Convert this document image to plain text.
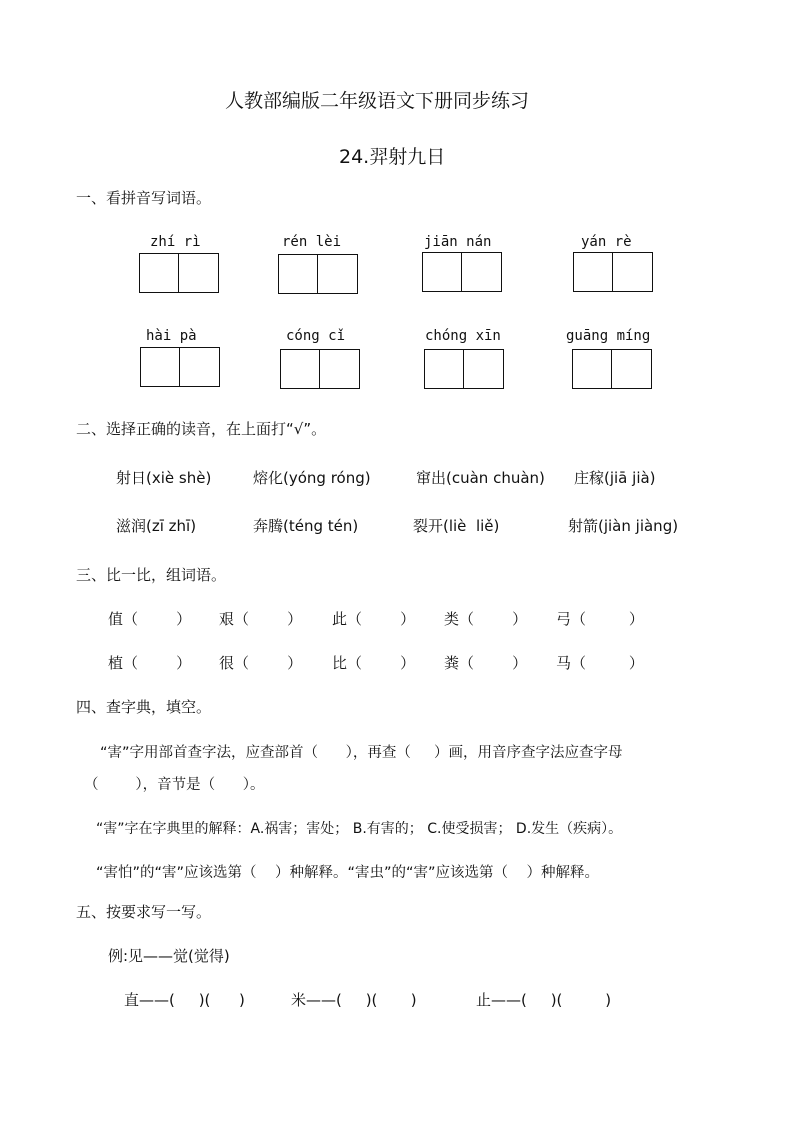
人教部编版二年级语文下册同步练习
24.羿射九日
一、看拼音写词语。
zhí rì	rén lèi	jiān nán	yán rè
hài pà	cóng cǐ	chóng xīn	guāng míng
二、选择正确的读音，在上面打“√”。
射日(xiè shè)	熔化(yóng róng)	窜出(cuàn chuàn) 庄稼(jiā jià)
滋润(zī zhī)	奔腾(téng tén)	裂开(liè  liě)	射箭(jiàn jiàng)
三、比一比，组词语。
值（        ） 艰（        ） 此（        ） 类（        ） 弓（         ）
植（        ） 很（        ） 比（        ） 粪（        ） 马（         ）
四、查字典，填空。
“害”字用部首查字法，应查部首（      ），再查（     ）画，用音序查字法应查字母
（        ），音节是（      ）。
“害”字在字典里的解释：A.祸害；害处； B.有害的； C.使受损害； D.发生（疾病）。
“害怕”的“害”应该选第（    ）种解释。“害虫”的“害”应该选第（    ）种解释。
五、按要求写一写。
例:见——觉(觉得)
直——(     )(      )	米——(     )(       )	止——(     )(         )
